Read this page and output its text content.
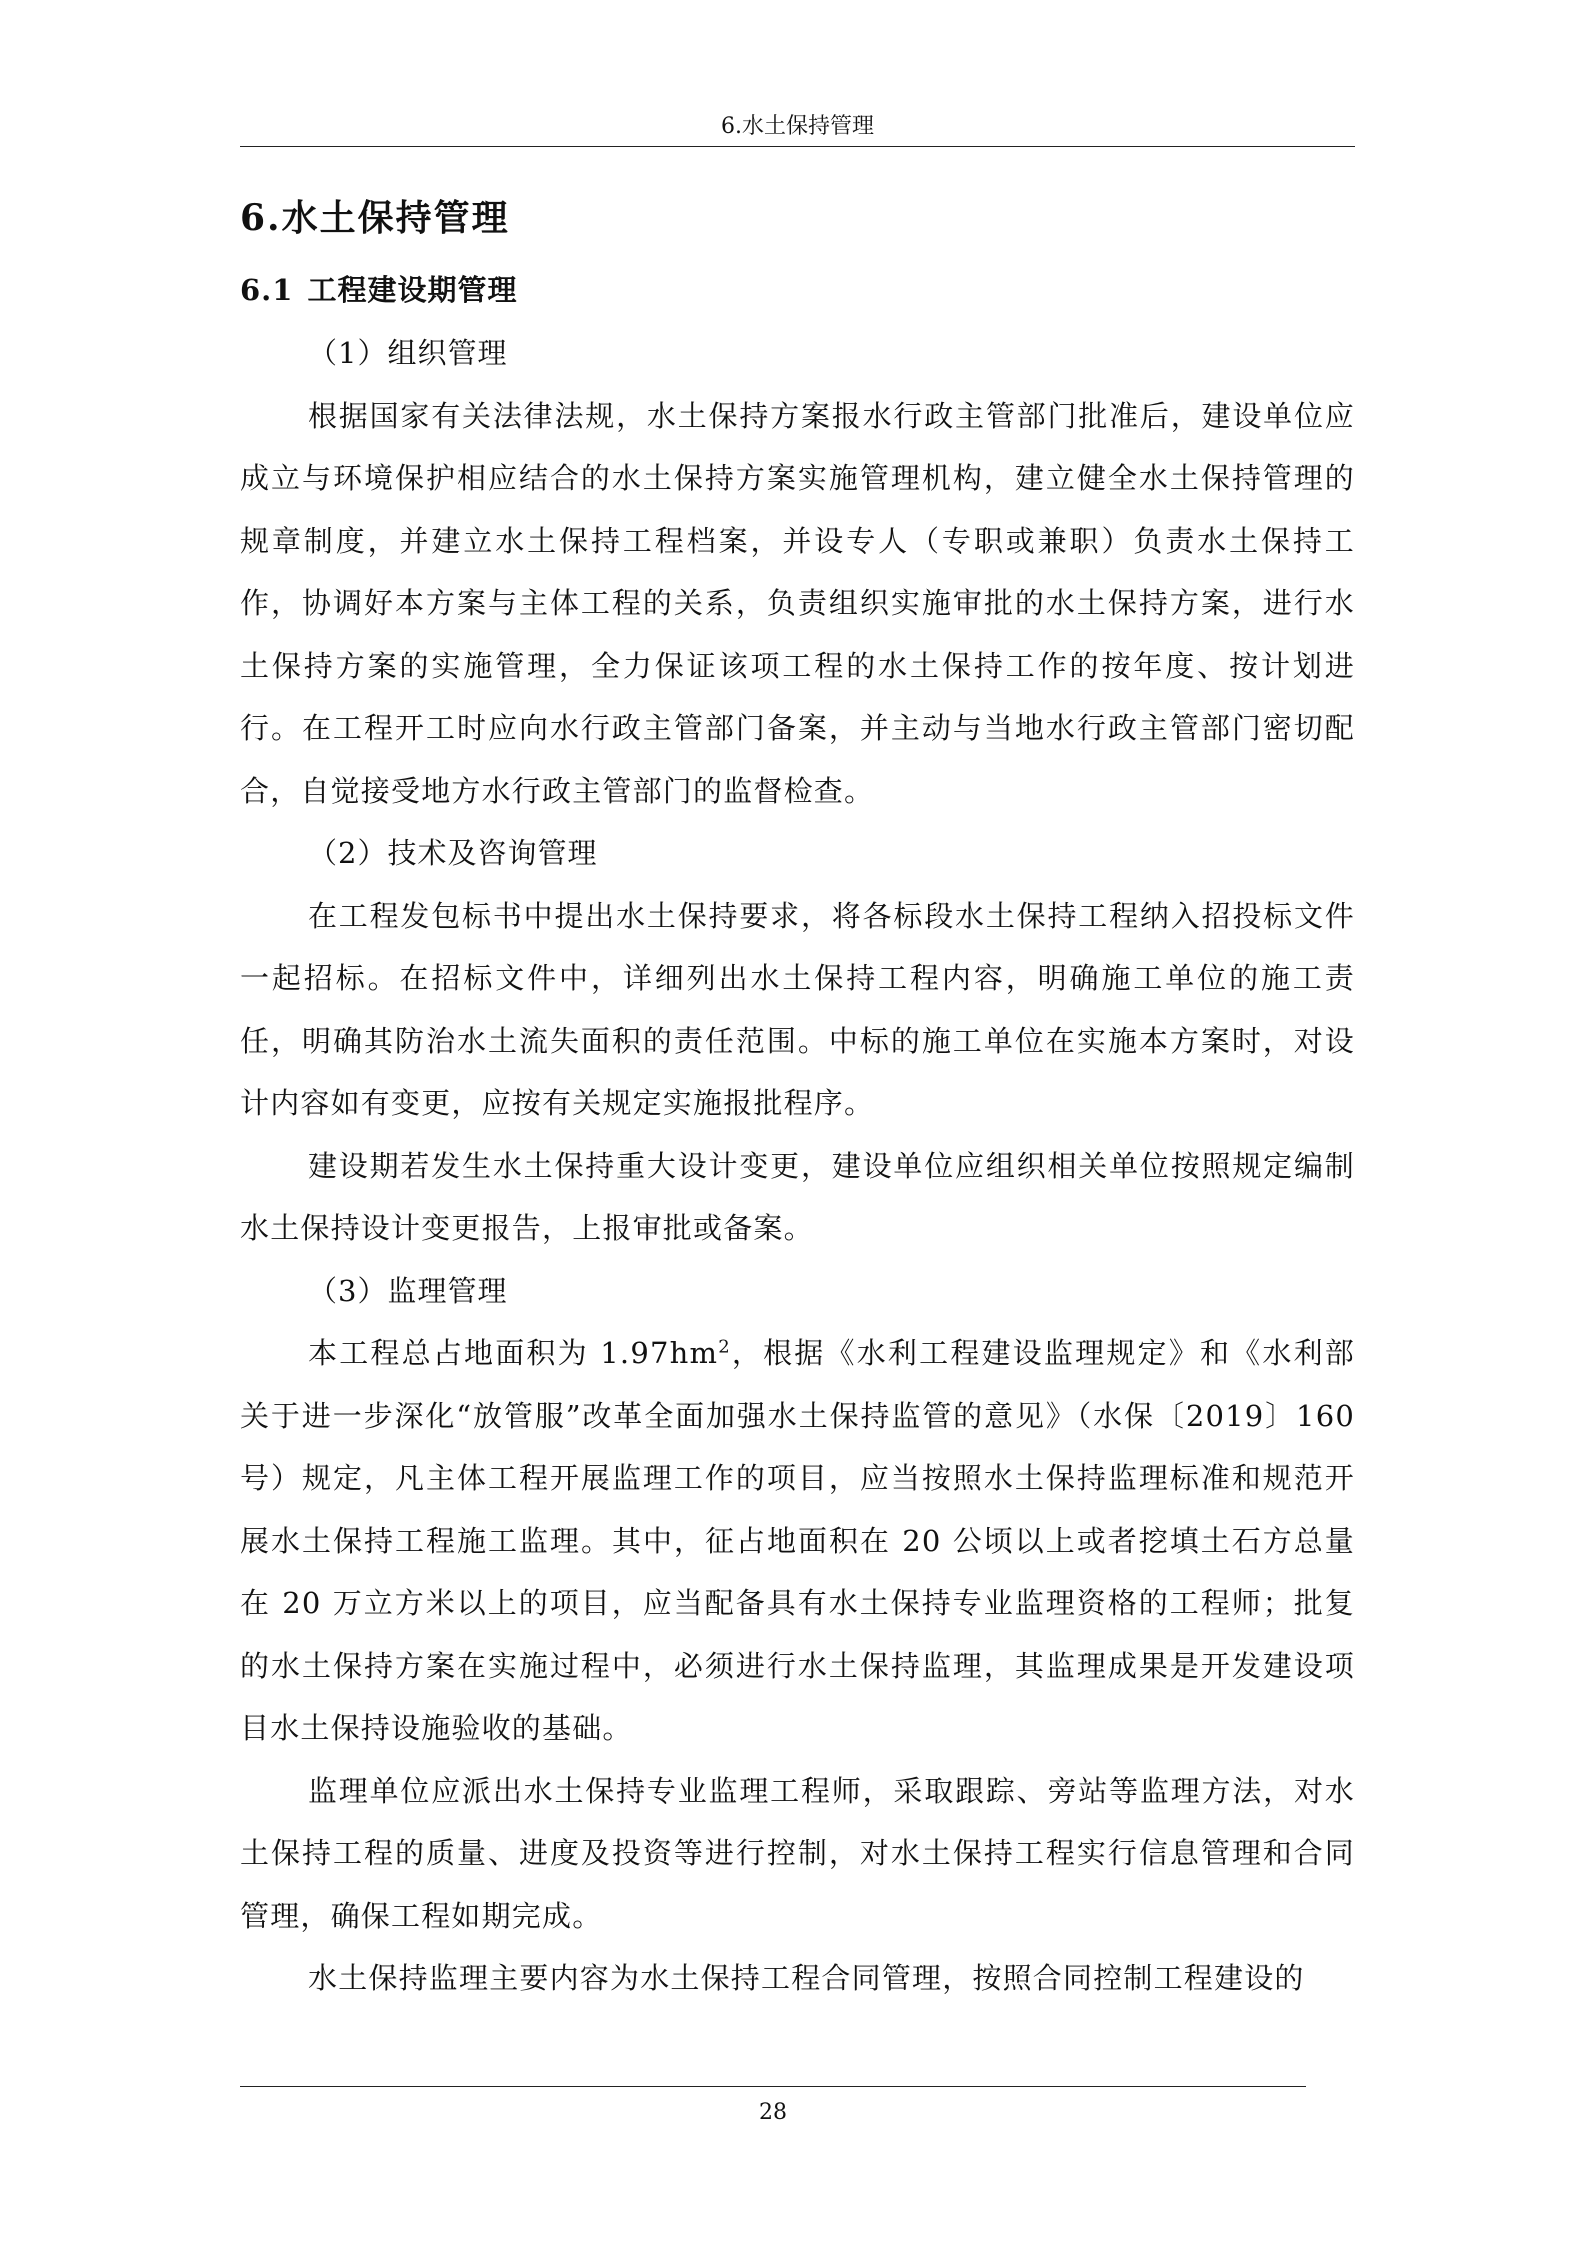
6.水土保持管理
6.水土保持管理
6.1 工程建设期管理

（1）组织管理

根据国家有关法律法规，水土保持方案报水行政主管部门批准后，建设单位应成立与环境保护相应结合的水土保持方案实施管理机构，建立健全水土保持管理的规章制度，并建立水土保持工程档案，并设专人（专职或兼职）负责水土保持工作，协调好本方案与主体工程的关系，负责组织实施审批的水土保持方案，进行水土保持方案的实施管理，全力保证该项工程的水土保持工作的按年度、按计划进行。在工程开工时应向水行政主管部门备案，并主动与当地水行政主管部门密切配合，自觉接受地方水行政主管部门的监督检查。

（2）技术及咨询管理

在工程发包标书中提出水土保持要求，将各标段水土保持工程纳入招投标文件一起招标。在招标文件中，详细列出水土保持工程内容，明确施工单位的施工责任，明确其防治水土流失面积的责任范围。中标的施工单位在实施本方案时，对设计内容如有变更，应按有关规定实施报批程序。

建设期若发生水土保持重大设计变更，建设单位应组织相关单位按照规定编制水土保持设计变更报告，上报审批或备案。

（3）监理管理

本工程总占地面积为 $1.97hm^2$，根据《水利工程建设监理规定》和《水利部关于进一步深化“放管服”改革全面加强水土保持监管的意见》（水保〔2019〕160 号）规定，凡主体工程开展监理工作的项目，应当按照水土保持监理标准和规范开展水土保持工程施工监理。其中，征占地面积在 20 公顷以上或者挖填土石方总量在 20 万立方米以上的项目，应当配备具有水土保持专业监理资格的工程师；批复的水土保持方案在实施过程中，必须进行水土保持监理，其监理成果是开发建设项目水土保持设施验收的基础。

监理单位应派出水土保持专业监理工程师，采取跟踪、旁站等监理方法，对水土保持工程的质量、进度及投资等进行控制，对水土保持工程实行信息管理和合同管理，确保工程如期完成。

水土保持监理主要内容为水土保持工程合同管理，按照合同控制工程建设的

28
